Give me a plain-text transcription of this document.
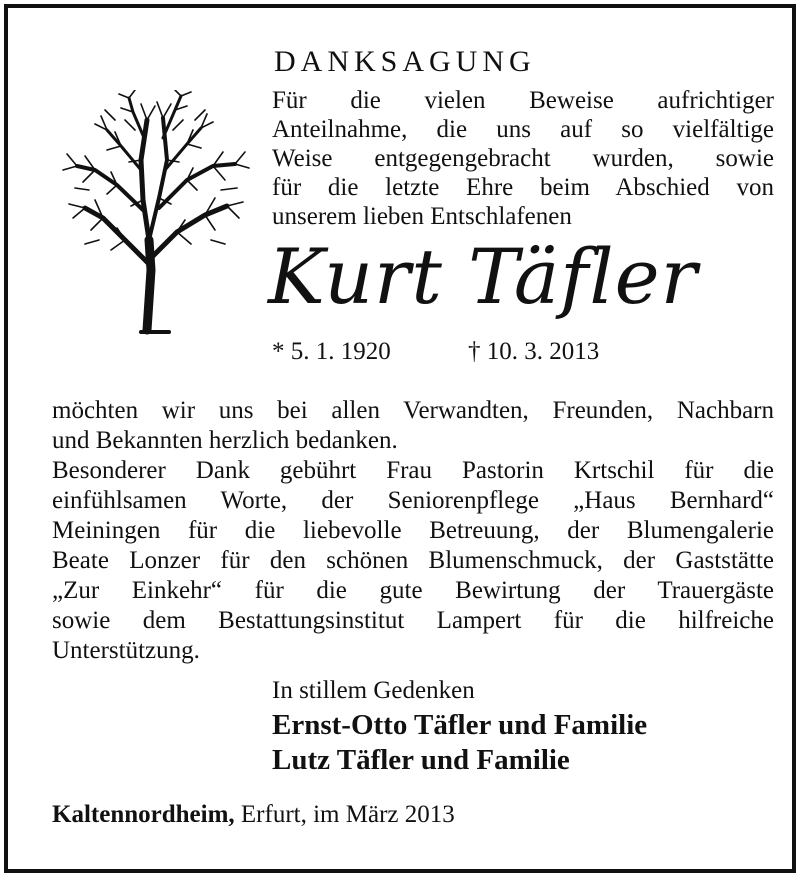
DANKSAGUNG
Für die vielen Beweise aufrichtiger
Anteilnahme, die uns auf so vielfältige
Weise entgegengebracht wurden, sowie
für die letzte Ehre beim Abschied von
unserem lieben Entschlafenen
Kurt Täfler
* 5. 1. 1920	† 10. 3. 2013
möchten wir uns bei allen Verwandten, Freunden, Nachbarn
und Bekannten herzlich bedanken.
Besonderer Dank gebührt Frau Pastorin Krtschil für die
einfühlsamen Worte, der Seniorenpflege „Haus Bernhard“
Meiningen für die liebevolle Betreuung, der Blumengalerie
Beate Lonzer für den schönen Blumenschmuck, der Gaststätte
„Zur Einkehr“ für die gute Bewirtung der Trauergäste
sowie dem Bestattungsinstitut Lampert für die hilfreiche
Unterstützung.
In stillem Gedenken
Ernst-Otto Täfler und Familie
Lutz Täfler und Familie
Kaltennordheim, Erfurt, im März 2013
